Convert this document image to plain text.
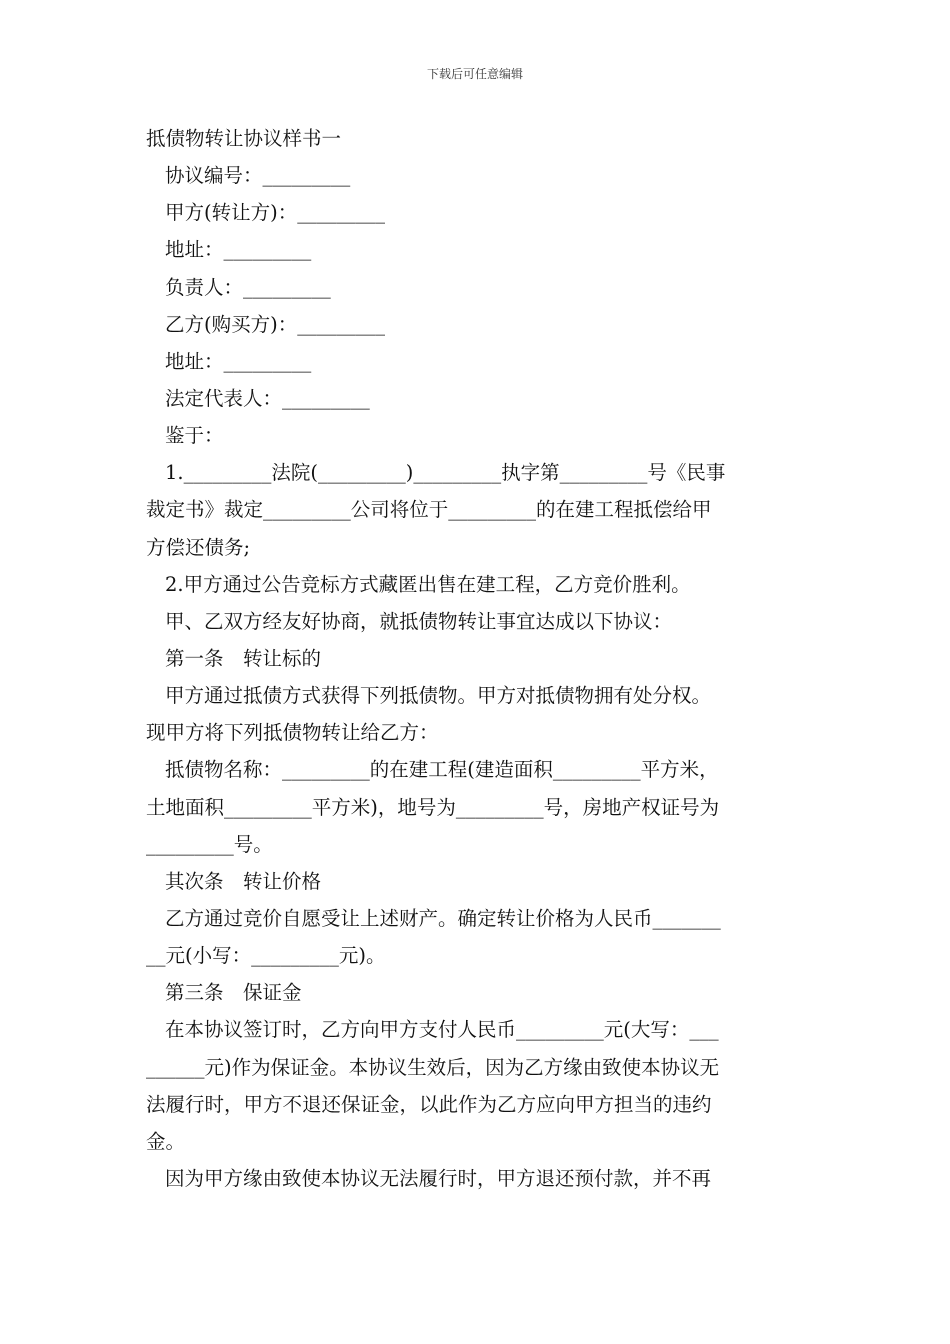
下载后可任意编辑
抵债物转让协议样书一
协议编号：_________
甲方(转让方)：_________
地址：_________
负责人：_________
乙方(购买方)：_________
地址：_________
法定代表人：_________
鉴于：
1._________法院(_________)_________执字第_________号《民事
裁定书》裁定_________公司将位于_________的在建工程抵偿给甲
方偿还债务;
2.甲方通过公告竞标方式藏匿出售在建工程，乙方竞价胜利。
甲、乙双方经友好协商，就抵债物转让事宜达成以下协议：
第一条　转让标的
甲方通过抵债方式获得下列抵债物。甲方对抵债物拥有处分权。
现甲方将下列抵债物转让给乙方：
抵债物名称：_________的在建工程(建造面积_________平方米，
土地面积_________平方米)，地号为_________号，房地产权证号为
_________号。
其次条　转让价格
乙方通过竞价自愿受让上述财产。确定转让价格为人民币_______
__元(小写：_________元)。
第三条　保证金
在本协议签订时，乙方向甲方支付人民币_________元(大写：___
______元)作为保证金。本协议生效后，因为乙方缘由致使本协议无
法履行时，甲方不退还保证金，以此作为乙方应向甲方担当的违约
金。
因为甲方缘由致使本协议无法履行时，甲方退还预付款，并不再
